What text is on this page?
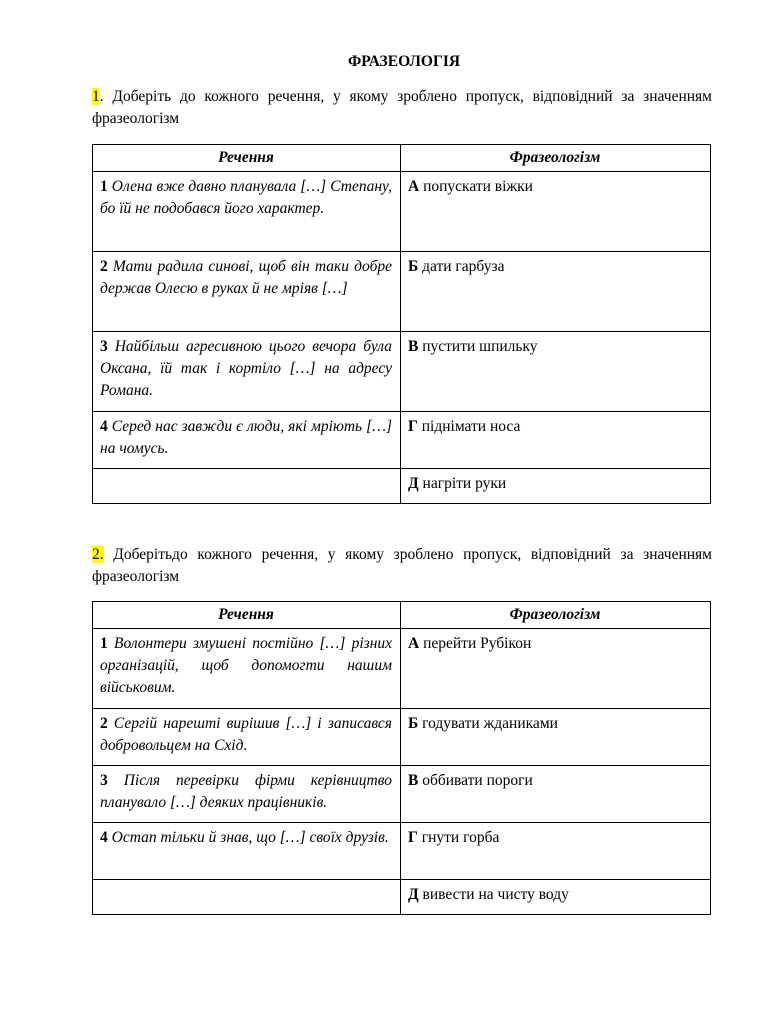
ФРАЗЕОЛОГІЯ
1. Доберіть до кожного речення, у якому зроблено пропуск, відповідний за значенням фразеологізм
Речення	Фразеологізм
1 Олена вже давно планувала […] Степану, бо їй не подобався його характер.	А попускати віжки
2 Мати радила синові, щоб він таки добре держав Олесю в руках й не мріяв […]	Б дати гарбуза
3 Найбільш агресивною цього вечора була Оксана, їй так і кортіло […] на адресу Романа.	В пустити шпильку
4 Серед нас завжди є люди, які мріють […] на чомусь.	Г піднімати носа
	Д нагріти руки
2. Доберітьдо кожного речення, у якому зроблено пропуск, відповідний за значенням фразеологізм
Речення	Фразеологізм
1 Волонтери змушені постійно […] різних організацій, щоб допомогти нашим військовим.	А перейти Рубікон
2 Сергій нарешті вирішив […] і записався добровольцем на Схід.	Б годувати жданиками
3 Після перевірки фірми керівництво планувало […] деяких працівників.	В оббивати пороги
4 Остап тільки й знав, що […] своїх друзів.	Г гнути горба
	Д вивести на чисту воду
